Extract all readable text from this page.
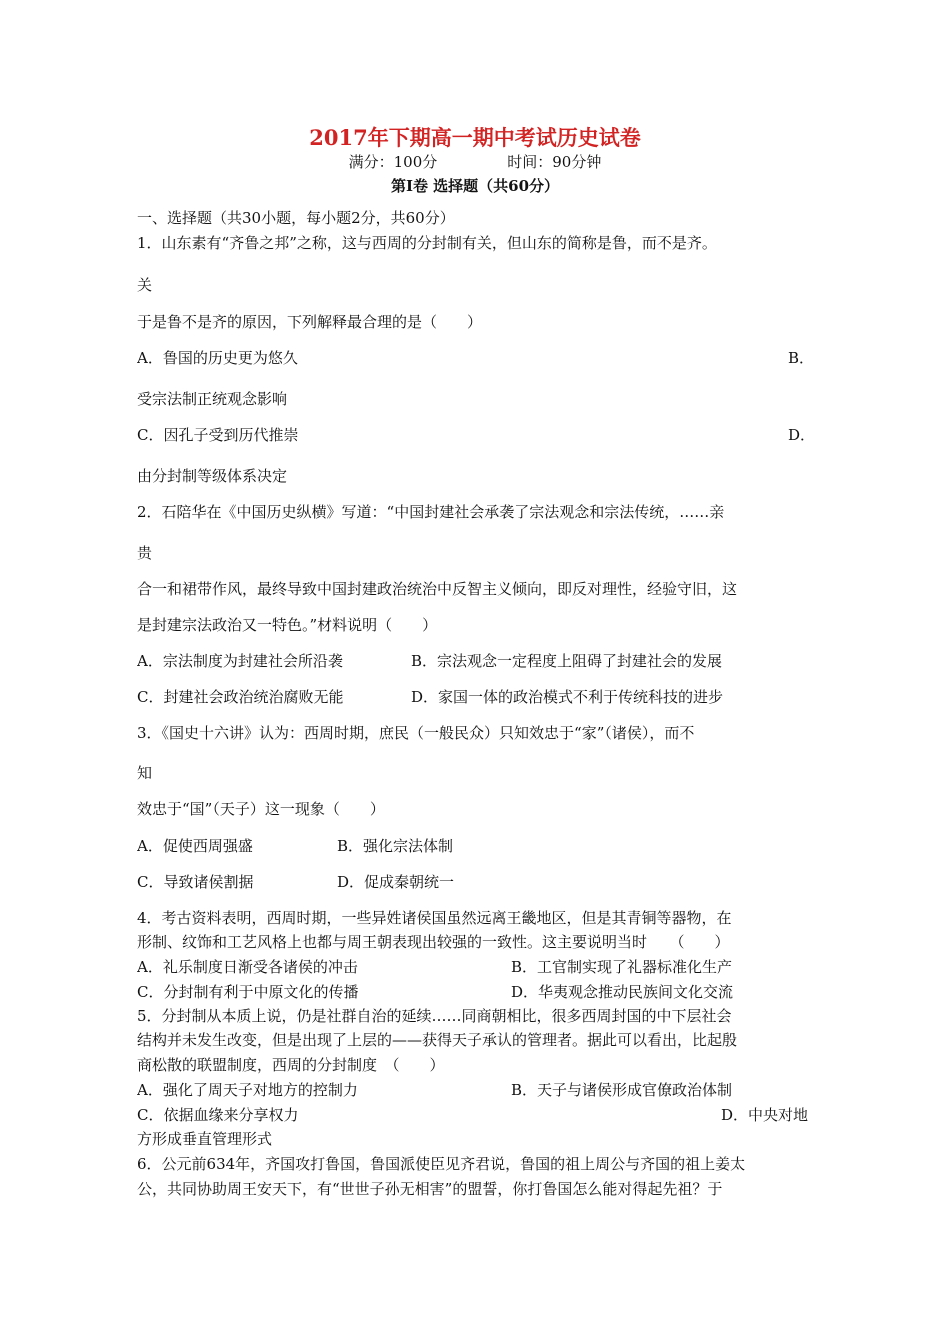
2017年下期高一期中考试历史试卷
满分：100分	时间：90分钟
第Ⅰ卷 选择题（共60分）
一、选择题（共30小题，每小题2分，共60分）
1．山东素有“齐鲁之邦”之称，这与西周的分封制有关，但山东的简称是鲁，而不是齐。
关
于是鲁不是齐的原因，下列解释最合理的是（　　）
A．鲁国的历史更为悠久	B．
受宗法制正统观念影响
C．因孔子受到历代推崇	D．
由分封制等级体系决定
2．石陪华在《中国历史纵横》写道：“中国封建社会承袭了宗法观念和宗法传统，……亲
贵
合一和裙带作风，最终导致中国封建政治统治中反智主义倾向，即反对理性，经验守旧，这
是封建宗法政治又一特色。”材料说明（　　）
A．宗法制度为封建社会所沿袭	B．宗法观念一定程度上阻碍了封建社会的发展
C．封建社会政治统治腐败无能	D．家国一体的政治模式不利于传统科技的进步
3．《国史十六讲》认为：西周时期，庶民（一般民众）只知效忠于“家”（诸侯），而不
知
效忠于“国”（天子）这一现象（　　）
A．促使西周强盛	B．强化宗法体制
C．导致诸侯割据	D．促成秦朝统一
4．考古资料表明，西周时期，一些异姓诸侯国虽然远离王畿地区，但是其青铜等器物，在
形制、纹饰和工艺风格上也都与周王朝表现出较强的一致性。这主要说明当时　　（　　）
A．礼乐制度日渐受各诸侯的冲击	B．工官制实现了礼器标准化生产
C．分封制有利于中原文化的传播	D．华夷观念推动民族间文化交流
5．分封制从本质上说，仍是社群自治的延续……同商朝相比，很多西周封国的中下层社会
结构并未发生改变，但是出现了上层的——获得天子承认的管理者。据此可以看出，比起殷
商松散的联盟制度，西周的分封制度　（　　）
A．强化了周天子对地方的控制力	B．天子与诸侯形成官僚政治体制
C．依据血缘来分享权力	D．中央对地
方形成垂直管理形式
6．公元前634年，齐国攻打鲁国，鲁国派使臣见齐君说，鲁国的祖上周公与齐国的祖上姜太
公，共同协助周王安天下，有“世世子孙无相害”的盟誓，你打鲁国怎么能对得起先祖？于
